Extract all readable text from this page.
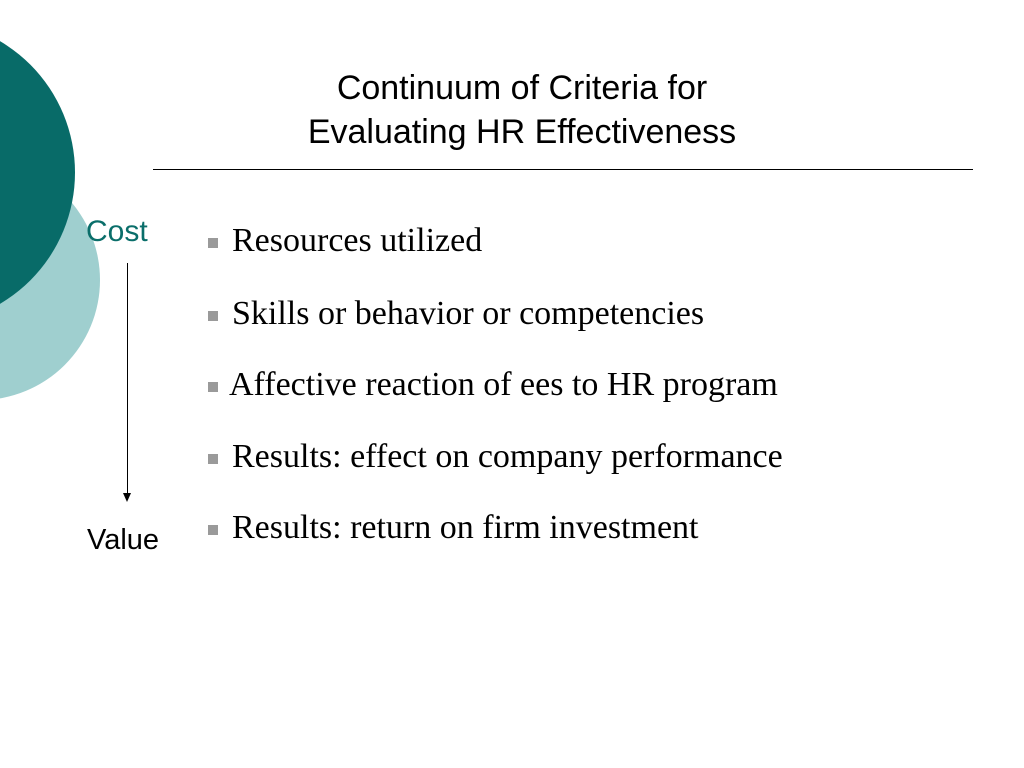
Continuum of Criteria for
Evaluating HR Effectiveness
Cost
Value
Resources utilized
Skills or behavior or competencies
Affective reaction of ees to HR program
Results: effect on company performance
Results: return on firm investment
